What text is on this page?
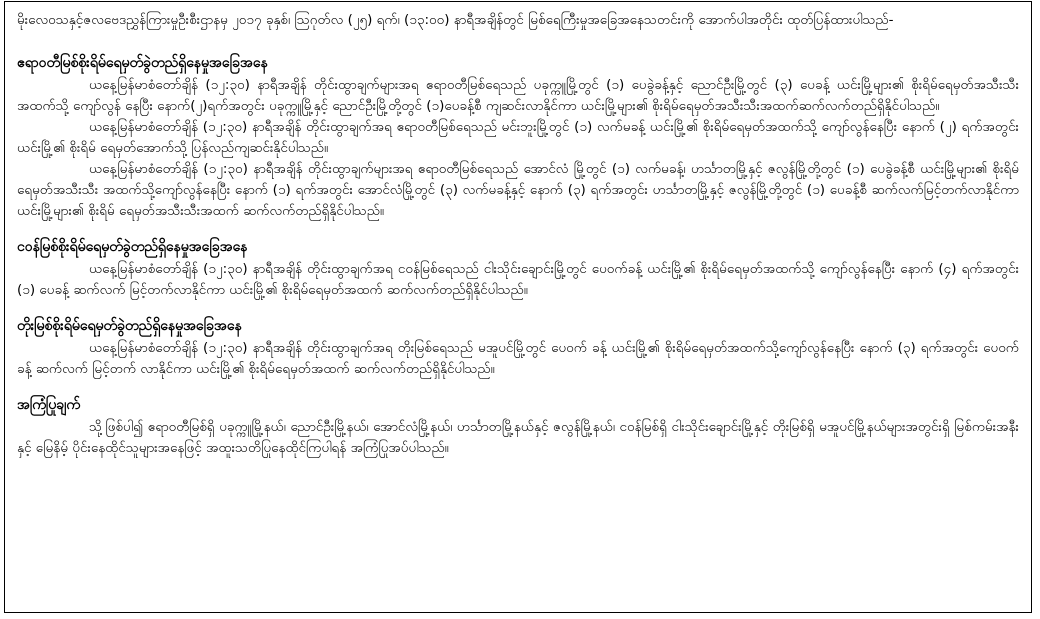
မိုးလေဝသနှင့်ဇလဗေဒညွှန်ကြားမှုဦးစီးဌာနမှ ၂၀၁၇ ခုနှစ်၊ ဩဂုတ်လ (၂၅) ရက်၊ (၁၃:၀၀) နာရီအချိန်တွင် မြစ်ရေကြီးမှုအခြေအနေသတင်းကို အောက်ပါအတိုင်း ထုတ်ပြန်ထားပါသည်-

ဧရာဝတီမြစ်စိုးရိမ်ရေမှတ်ခွဲတည်ရှိနေမှုအခြေအနေ

ယနေ့မြန်မာစံတော်ချိန် (၁၂:၃၀) နာရီအချိန် တိုင်းထွာချက်များအရ ဧရာဝတီမြစ်ရေသည် ပခုက္ကူမြို့တွင် (၁) ပေခွဲခန့်နှင့် ညောင်ဦးမြို့တွင် (၃) ပေခန့် ယင်းမြို့များ၏ စိုးရိမ်ရေမှတ်အသီးသီးအထက်သို့ ကျော်လွန် နေပြီး နောက်(၂)ရက်အတွင်း ပခုက္ကူမြို့နှင့် ညောင်ဦးမြို့တို့တွင် (၁)ပေခန့်စီ ကျဆင်းလာနိုင်ကာ ယင်းမြို့များ၏ စိုးရိမ်ရေမှတ်အသီးသီးအထက်ဆက်လက်တည်ရှိနိုင်ပါသည်။

ယနေ့မြန်မာစံတော်ချိန် (၁၂:၃၀) နာရီအချိန် တိုင်းထွာချက်အရ ဧရာဝတီမြစ်ရေသည် မင်းဘူးမြို့တွင် (၁) လက်မခန့် ယင်းမြို့၏ စိုးရိမ်ရေမှတ်အထက်သို့ ကျော်လွန်နေပြီး နောက် (၂) ရက်အတွင်း ယင်းမြို့၏ စိုးရိမ် ရေမှတ်အောက်သို့ ပြန်လည်ကျဆင်းနိုင်ပါသည်။

ယနေ့မြန်မာစံတော်ချိန် (၁၂:၃၀) နာရီအချိန် တိုင်းထွာချက်များအရ ဧရာဝတီမြစ်ရေသည် အောင်လံ မြို့တွင် (၁) လက်မခန့်၊ ဟင်္သာတမြို့နှင့် ဇလွန်မြို့တို့တွင် (၁) ပေခွဲခန့်စီ ယင်းမြို့များ၏ စိုးရိမ်ရေမှတ်အသီးသီး အထက်သို့ကျော်လွန်နေပြီး နောက် (၁) ရက်အတွင်း အောင်လံမြို့တွင် (၃) လက်မခန့်နှင့် နောက် (၃) ရက်အတွင်း ဟင်္သာတမြို့နှင့် ဇလွန်မြို့တို့တွင် (၁) ပေခန့်စီ ဆက်လက်မြင့်တက်လာနိုင်ကာ ယင်းမြို့များ၏ စိုးရိမ် ရေမှတ်အသီးသီးအထက် ဆက်လက်တည်ရှိနိုင်ပါသည်။

ငဝန်မြစ်စိုးရိမ်ရေမှတ်ခွဲတည်ရှိနေမှုအခြေအနေ

ယနေ့မြန်မာစံတော်ချိန် (၁၂:၃၀) နာရီအချိန် တိုင်းထွာချက်အရ ငဝန်မြစ်ရေသည် ငါးသိုင်းချောင်းမြို့တွင် ပေဝက်ခန့် ယင်းမြို့၏ စိုးရိမ်ရေမှတ်အထက်သို့ ကျော်လွန်နေပြီး နောက် (၄) ရက်အတွင်း (၁) ပေခန့် ဆက်လက် မြင့်တက်လာနိုင်ကာ ယင်းမြို့၏ စိုးရိမ်ရေမှတ်အထက် ဆက်လက်တည်ရှိနိုင်ပါသည်။

တိုးမြစ်စိုးရိမ်ရေမှတ်ခွဲတည်ရှိနေမှုအခြေအနေ

ယနေ့မြန်မာစံတော်ချိန် (၁၂:၃၀) နာရီအချိန် တိုင်းထွာချက်အရ တိုးမြစ်ရေသည် မအူပင်မြို့တွင် ပေဝက် ခန့် ယင်းမြို့၏ စိုးရိမ်ရေမှတ်အထက်သို့ကျော်လွန်နေပြီး နောက် (၃) ရက်အတွင်း ပေဝက်ခန့် ဆက်လက် မြင့်တက် လာနိုင်ကာ ယင်းမြို့၏ စိုးရိမ်ရေမှတ်အထက် ဆက်လက်တည်ရှိနိုင်ပါသည်။

အကြံပြုချက်

သို့ဖြစ်ပါ၍ ဧရာဝတီမြစ်ရှိ ပခုက္ကူမြို့နယ်၊ ညောင်ဦးမြို့နယ်၊ အောင်လံမြို့နယ်၊ ဟင်္သာတမြို့နယ်နှင့် ဇလွန်မြို့နယ်၊ ငဝန်မြစ်ရှိ ငါးသိုင်းချောင်းမြို့နှင့် တိုးမြစ်ရှိ မအူပင်မြို့နယ်များအတွင်းရှိ မြစ်ကမ်းအနီးနှင့် မြေနိမ့် ပိုင်းနေထိုင်သူများအနေဖြင့် အထူးသတိပြုနေထိုင်ကြပါရန် အကြံပြုအပ်ပါသည်။
